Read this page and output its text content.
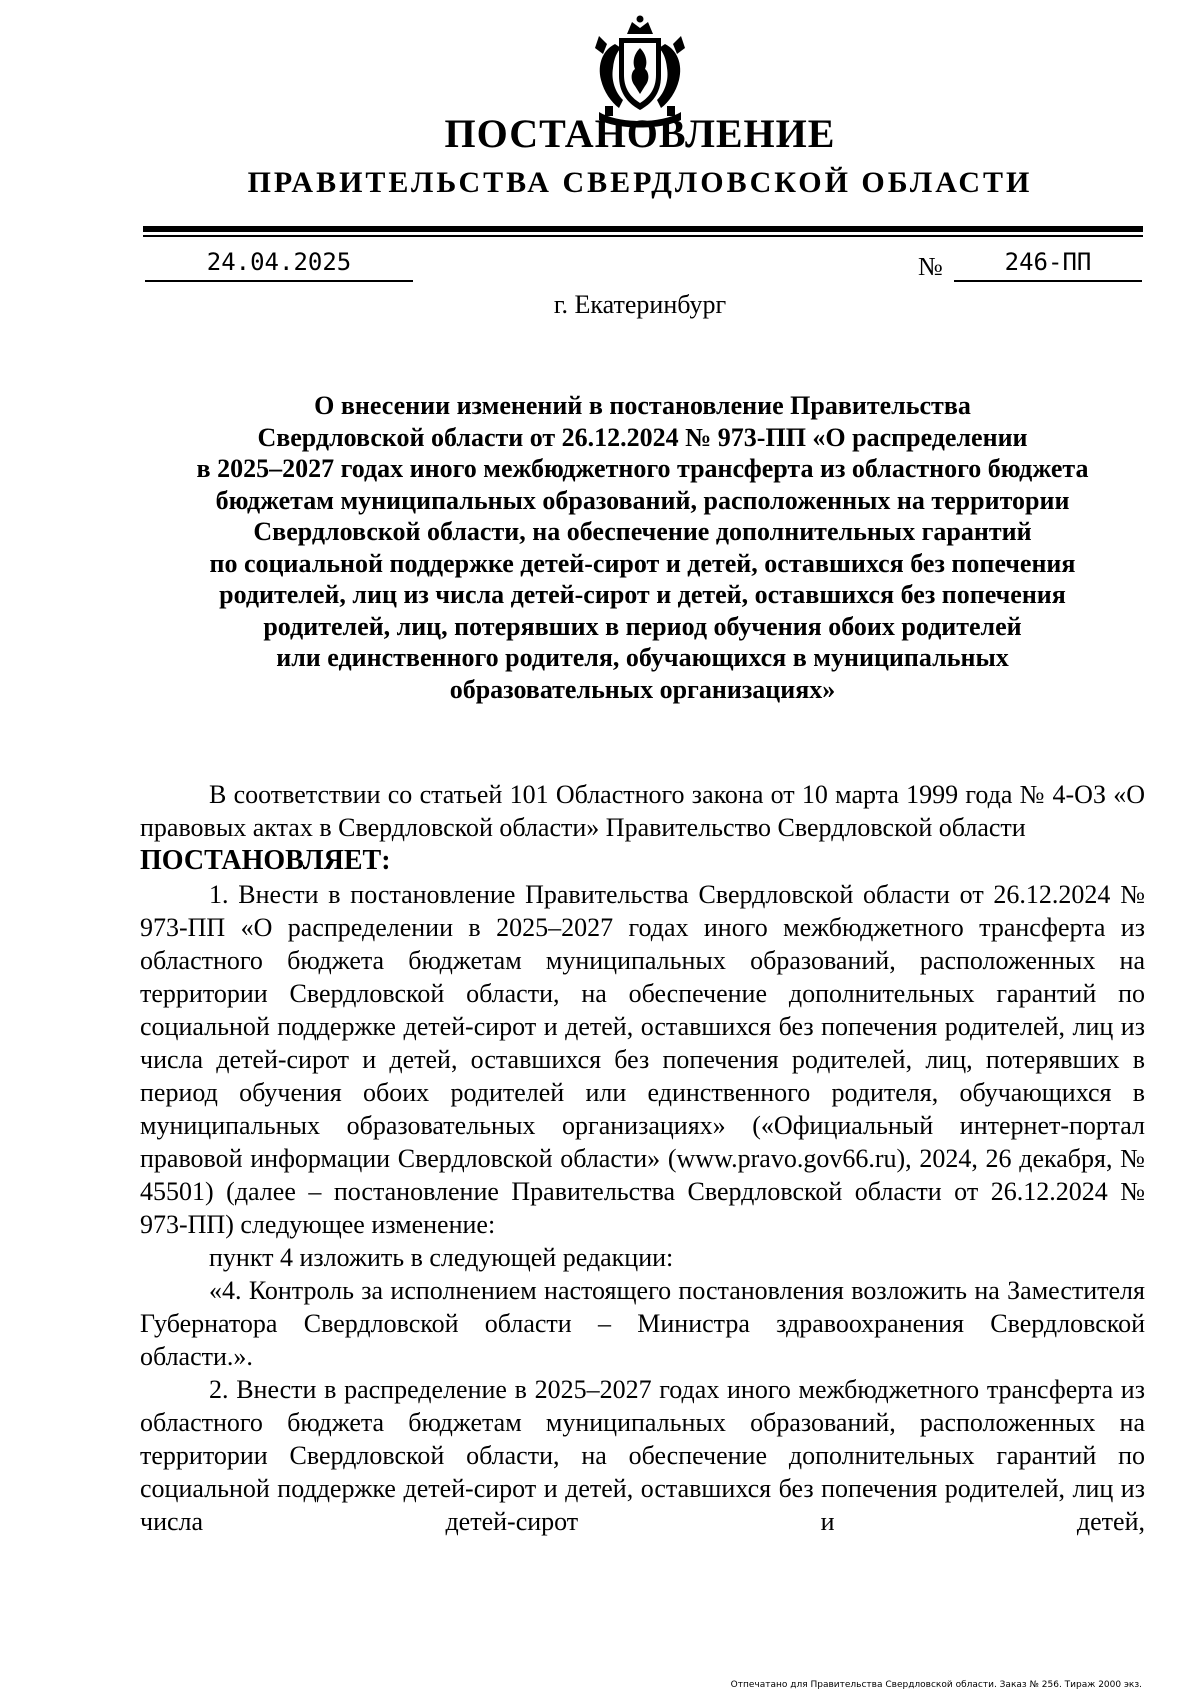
ПОСТАНОВЛЕНИЕ
ПРАВИТЕЛЬСТВА СВЕРДЛОВСКОЙ ОБЛАСТИ
24.04.2025	№	246-ПП
г. Екатеринбург
О внесении изменений в постановление Правительства
Свердловской области от 26.12.2024 № 973-ПП «О распределении
в 2025–2027 годах иного межбюджетного трансферта из областного бюджета
бюджетам муниципальных образований, расположенных на территории
Свердловской области, на обеспечение дополнительных гарантий
по социальной поддержке детей-сирот и детей, оставшихся без попечения
родителей, лиц из числа детей-сирот и детей, оставшихся без попечения
родителей, лиц, потерявших в период обучения обоих родителей
или единственного родителя, обучающихся в муниципальных
образовательных организациях»

В соответствии со статьей 101 Областного закона от 10 марта 1999 года № 4-ОЗ «О правовых актах в Свердловской области» Правительство Свердловской области

ПОСТАНОВЛЯЕТ:

1. Внести в постановление Правительства Свердловской области от 26.12.2024 № 973-ПП «О распределении в 2025–2027 годах иного межбюджетного трансферта из областного бюджета бюджетам муниципальных образований, расположенных на территории Свердловской области, на обеспечение дополнительных гарантий по социальной поддержке детей-сирот и детей, оставшихся без попечения родителей, лиц из числа детей-сирот и детей, оставшихся без попечения родителей, лиц, потерявших в период обучения обоих родителей или единственного родителя, обучающихся в муниципальных образовательных организациях» («Официальный интернет-портал правовой информации Свердловской области» (www.pravo.gov66.ru), 2024, 26 декабря, № 45501) (далее – постановление Правительства Свердловской области от 26.12.2024 № 973-ПП) следующее изменение:

пункт 4 изложить в следующей редакции:

«4. Контроль за исполнением настоящего постановления возложить на Заместителя Губернатора Свердловской области – Министра здравоохранения Свердловской области.».

2. Внести в распределение в 2025–2027 годах иного межбюджетного трансферта из областного бюджета бюджетам муниципальных образований, расположенных на территории Свердловской области, на обеспечение дополнительных гарантий по социальной поддержке детей-сирот и детей, оставшихся без попечения родителей, лиц из числа детей-сирот и детей,

Отпечатано для Правительства Свердловской области. Заказ № 256. Тираж 2000 экз.
